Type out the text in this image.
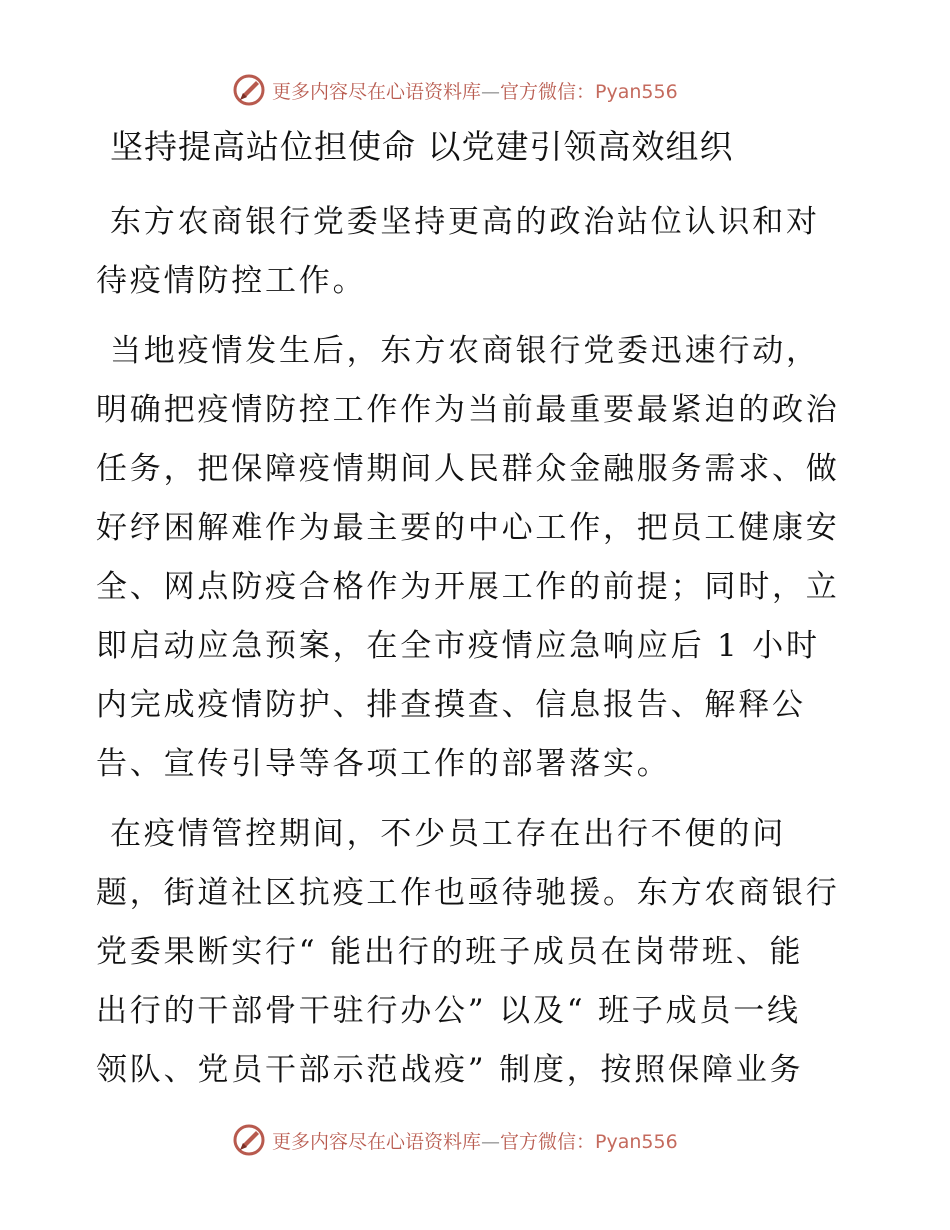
更多内容尽在心语资料库—官方微信：Pyan556
坚持提高站位担使命 以党建引领高效组织
东方农商银行党委坚持更高的政治站位认识和对
待疫情防控工作。
当地疫情发生后，东方农商银行党委迅速行动，
明确把疫情防控工作作为当前最重要最紧迫的政治
任务，把保障疫情期间人民群众金融服务需求、做
好纾困解难作为最主要的中心工作，把员工健康安
全、网点防疫合格作为开展工作的前提；同时，立
即启动应急预案，在全市疫情应急响应后 1 小时
内完成疫情防护、排查摸查、信息报告、解释公
告、宣传引导等各项工作的部署落实。
在疫情管控期间，不少员工存在出行不便的问
题，街道社区抗疫工作也亟待驰援。东方农商银行
党委果断实行“ 能出行的班子成员在岗带班、能
出行的干部骨干驻行办公” 以及“ 班子成员一线
领队、党员干部示范战疫” 制度，按照保障业务
更多内容尽在心语资料库—官方微信：Pyan556
